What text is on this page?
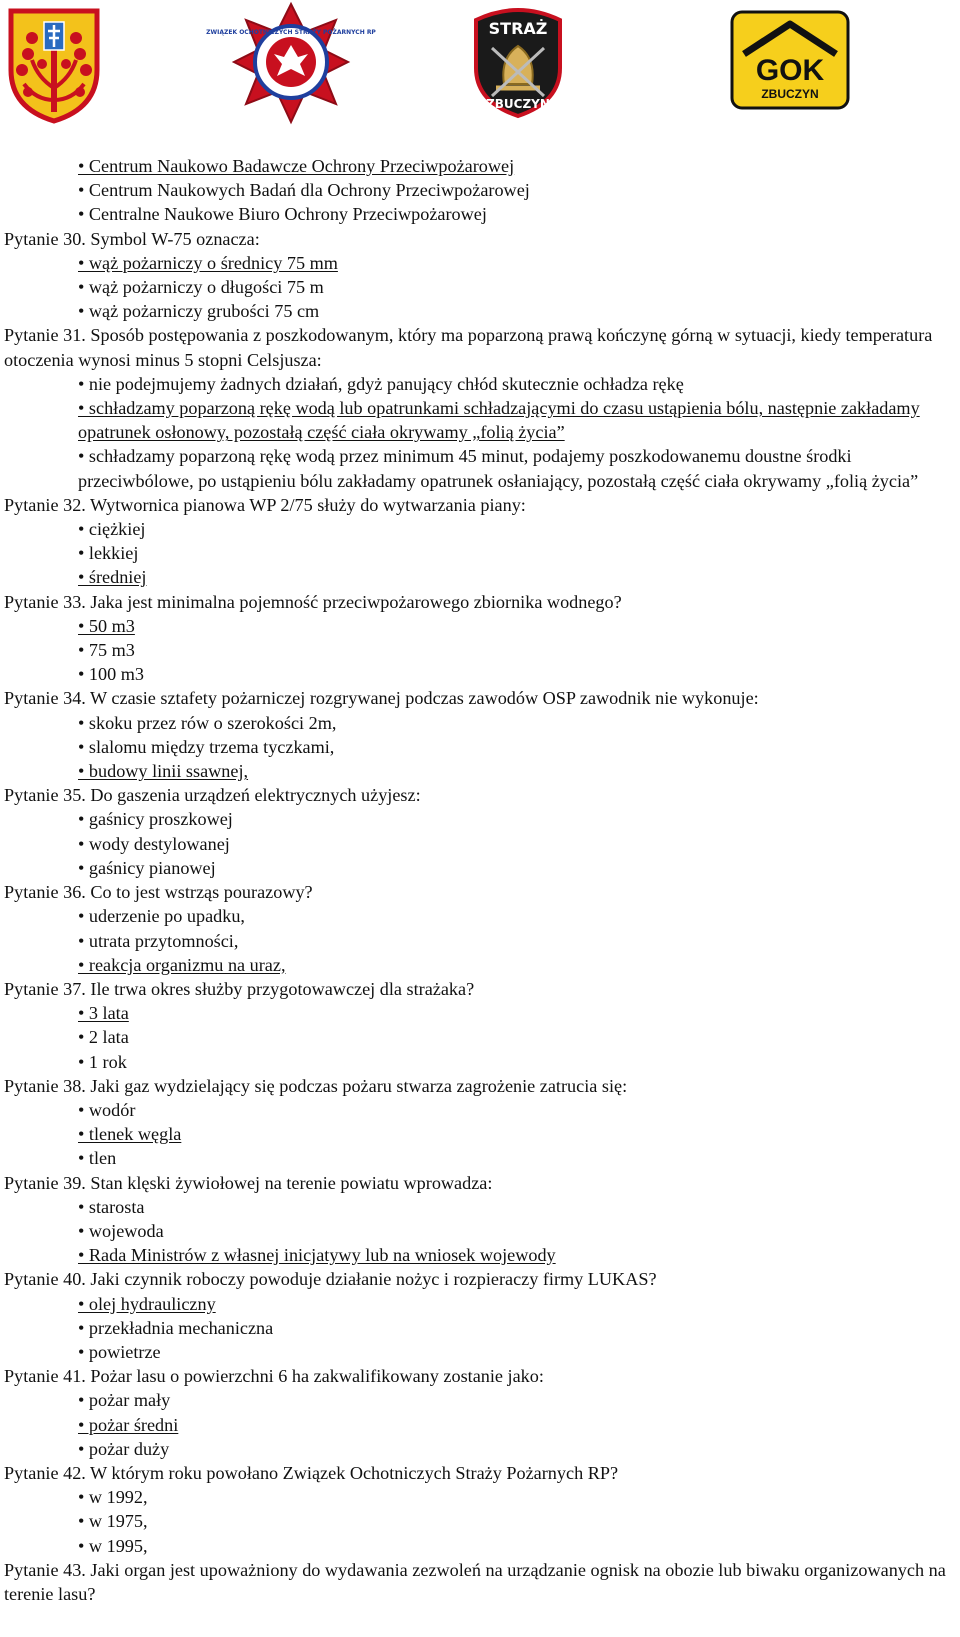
ZWIĄZEK OCHOTNICZYCH STRAŻY POŻARNYCH RP	STRAŻ
ZBUCZYN
GOK
ZBUCZYN

• Centrum Naukowo Badawcze Ochrony Przeciwpożarowej

• Centrum Naukowych Badań dla Ochrony Przeciwpożarowej

• Centralne Naukowe Biuro Ochrony Przeciwpożarowej

Pytanie 30. Symbol W-75 oznacza:

• wąż pożarniczy o średnicy 75 mm

• wąż pożarniczy o długości 75 m

• wąż pożarniczy grubości 75 cm

Pytanie 31. Sposób postępowania z poszkodowanym, który ma poparzoną prawą kończynę górną w sytuacji, kiedy temperatura otoczenia wynosi minus 5 stopni Celsjusza:

• nie podejmujemy żadnych działań, gdyż panujący chłód skutecznie ochładza rękę

• schładzamy poparzoną rękę wodą lub opatrunkami schładzającymi do czasu ustąpienia bólu, następnie zakładamy opatrunek osłonowy, pozostałą część ciała okrywamy „folią życia”

• schładzamy poparzoną rękę wodą przez minimum 45 minut, podajemy poszkodowanemu doustne środki przeciwbólowe, po ustąpieniu bólu zakładamy opatrunek osłaniający, pozostałą część ciała okrywamy „folią życia”

Pytanie 32. Wytwornica pianowa WP 2/75 służy do wytwarzania piany:

• ciężkiej

• lekkiej

• średniej

Pytanie 33. Jaka jest minimalna pojemność przeciwpożarowego zbiornika wodnego?

• 50 m3

• 75 m3

• 100 m3

Pytanie 34. W czasie sztafety pożarniczej rozgrywanej podczas zawodów OSP zawodnik nie wykonuje:

• skoku przez rów o szerokości 2m,

• slalomu między trzema tyczkami,

• budowy linii ssawnej,

Pytanie 35. Do gaszenia urządzeń elektrycznych użyjesz:

• gaśnicy proszkowej

• wody destylowanej

• gaśnicy pianowej

Pytanie 36. Co to jest wstrząs pourazowy?

• uderzenie po upadku,

• utrata przytomności,

• reakcja organizmu na uraz,

Pytanie 37. Ile trwa okres służby przygotowawczej dla strażaka?

• 3 lata

• 2 lata

• 1 rok

Pytanie 38. Jaki gaz wydzielający się podczas pożaru stwarza zagrożenie zatrucia się:

• wodór

• tlenek węgla

• tlen

Pytanie 39. Stan klęski żywiołowej na terenie powiatu wprowadza:

• starosta

• wojewoda

• Rada Ministrów z własnej inicjatywy lub na wniosek wojewody

Pytanie 40. Jaki czynnik roboczy powoduje działanie nożyc i rozpieraczy firmy LUKAS?

• olej hydrauliczny

• przekładnia mechaniczna

• powietrze

Pytanie 41. Pożar lasu o powierzchni 6 ha zakwalifikowany zostanie jako:

• pożar mały

• pożar średni

• pożar duży

Pytanie 42. W którym roku powołano Związek Ochotniczych Straży Pożarnych RP?

• w 1992,

• w 1975,

• w 1995,

Pytanie 43. Jaki organ jest upoważniony do wydawania zezwoleń na urządzanie ognisk na obozie lub biwaku organizowanych na terenie lasu?
